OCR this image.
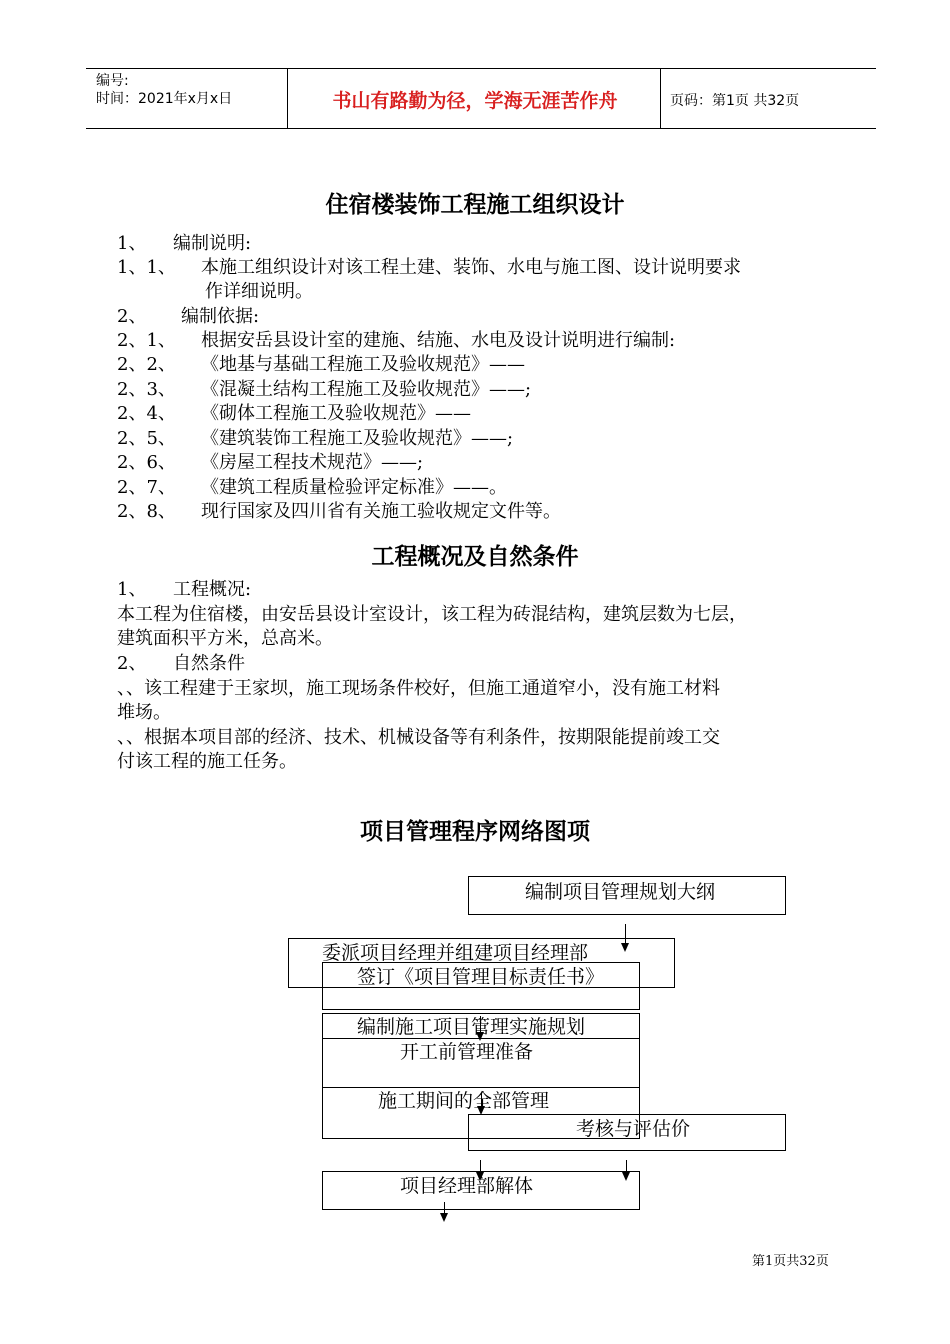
编号:
时间：2021年x月x日	书山有路勤为径，学海无涯苦作舟	页码：第1页 共32页
住宿楼装饰工程施工组织设计
1、 编制说明:
1、1、 本施工组织设计对该工程土建、装饰、水电与施工图、设计说明要求
作详细说明。
2、 编制依据:
2、1、 根据安岳县设计室的建施、结施、水电及设计说明进行编制:
2、2、 《地基与基础工程施工及验收规范》——
2、3、 《混凝土结构工程施工及验收规范》——;
2、4、 《砌体工程施工及验收规范》——
2、5、 《建筑装饰工程施工及验收规范》——;
2、6、 《房屋工程技术规范》——;
2、7、 《建筑工程质量检验评定标准》——。
2、8、 现行国家及四川省有关施工验收规定文件等。
工程概况及自然条件
1、 工程概况:
本工程为住宿楼，由安岳县设计室设计，该工程为砖混结构，建筑层数为七层，
建筑面积平方米，总高米。
2、 自然条件
、、该工程建于王家坝，施工现场条件校好，但施工通道窄小，没有施工材料
堆场。
、、根据本项目部的经济、技术、机械设备等有利条件，按期限能提前竣工交
付该工程的施工任务。
项目管理程序网络图项
编制项目管理规划大纲
委派项目经理并组建项目经理部
签订《项目管理目标责任书》
编制施工项目管理实施规划
开工前管理准备
施工期间的全部管理
考核与评估价
项目经理部解体
第1页共32页
